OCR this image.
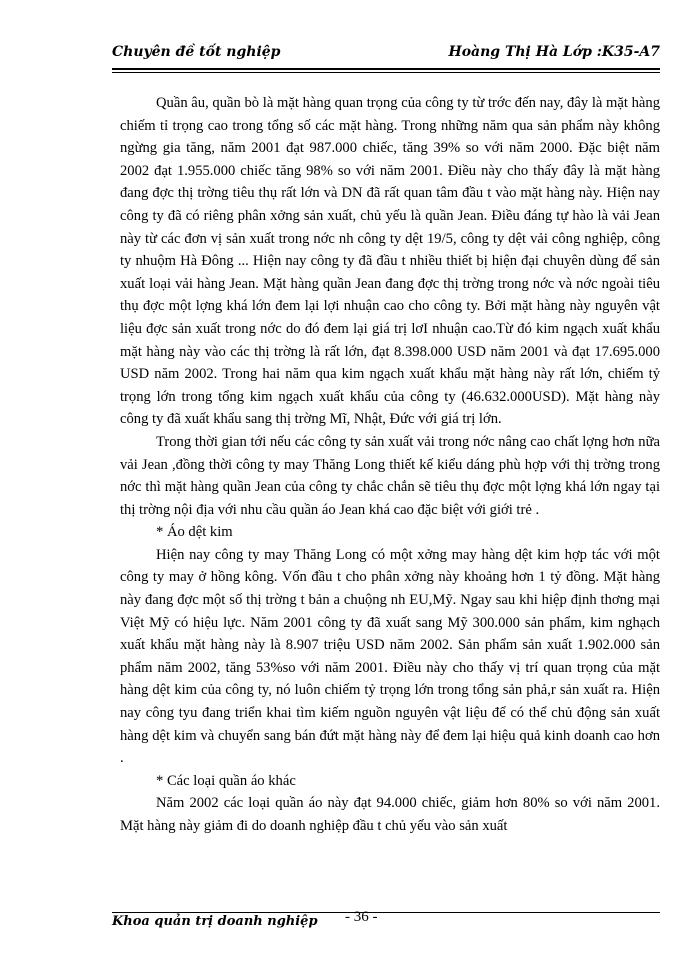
Chuyên đề tốt nghiệp	Hoàng Thị Hà Lớp :K35-A7

Quần âu, quần bò là mặt hàng quan trọng của công ty từ trớc đến nay, đây là mặt hàng chiếm tỉ trọng cao trong tổng số các mặt hàng. Trong những năm qua sản phẩm này không ngừng gia tăng, năm 2001 đạt 987.000 chiếc, tăng 39% so với năm 2000. Đặc biệt năm 2002 đạt 1.955.000 chiếc tăng 98% so với năm 2001. Điều này cho thấy đây là mặt hàng đang đợc thị trờng tiêu thụ rất lớn và DN đã rất quan tâm đầu t vào mặt hàng này. Hiện nay công ty đã có riêng phân xởng sản xuất, chủ yếu là quần Jean. Điều đáng tự hào là vải Jean này từ các đơn vị sản xuất trong nớc nh công ty dệt 19/5, công ty dệt vải công nghiệp, công ty nhuộm Hà Đông ... Hiện nay công ty đã đầu t nhiều thiết bị hiện đại chuyên dùng để sản xuất loại vải hàng Jean. Mặt hàng quần Jean đang đợc thị trờng trong nớc và nớc ngoài tiêu thụ đợc một lợng khá lớn đem lại lợi nhuận cao cho công ty. Bởi mặt hàng này nguyên vật liệu đợc sản xuất trong nớc do đó đem lại giá trị lơI nhuận cao.Từ đó kim ngạch xuất khẩu mặt hàng này vào các thị trờng là rất lớn, đạt 8.398.000 USD năm 2001 và đạt 17.695.000 USD năm 2002. Trong hai năm qua kim ngạch xuất khẩu mặt hàng này rất lớn, chiếm tỷ trọng lớn trong tổng kim ngạch xuất khẩu của công ty (46.632.000USD). Mặt hàng này công ty đã xuất khẩu sang thị trờng Mĩ, Nhật, Đức với giá trị lớn.

Trong thời gian tới nếu các công ty sản xuất vải trong nớc nâng cao chất lợng hơn nữa vải Jean ,đồng thời công ty may Thăng Long thiết kế kiểu dáng phù hợp với thị trờng trong nớc thì mặt hàng quần Jean của công ty chắc chắn sẽ tiêu thụ đợc một lợng khá lớn ngay tại thị trờng nội địa với nhu cầu quần áo Jean khá cao đặc biệt với giới trẻ .

* Áo dệt kim

Hiện nay công ty may Thăng Long có một xởng may hàng dệt kim hợp tác với một công ty may ở hồng kông. Vốn đầu t cho phân xởng này khoảng hơn 1 tỷ đồng. Mặt hàng này đang đợc một số thị trờng t bản a chuộng nh EU,Mỹ. Ngay sau khi hiệp định thơng mại Việt Mỹ có hiệu lực. Năm 2001 công ty đã xuất sang Mỹ 300.000 sản phẩm, kim nghạch xuất khẩu mặt hàng này là 8.907 triệu USD năm 2002. Sản phẩm sản xuất 1.902.000 sản phẩm năm 2002, tăng 53%so với năm 2001. Điều này cho thấy vị trí quan trọng của mặt hàng dệt kim của công ty, nó luôn chiếm tỷ trọng lớn trong tổng sản phả,r sản xuất ra. Hiện nay công tyu đang triển khai tìm kiếm nguồn nguyên vật liệu để có thể chủ động sản xuất hàng dệt kim và chuyển sang bán đứt mặt hàng này để đem lại hiệu quả kinh doanh cao hơn .

* Các loại quần áo khác

Năm 2002 các loại quần áo này đạt 94.000 chiếc, giảm hơn 80% so với năm 2001. Mặt hàng này giảm đi do doanh nghiệp đầu t chủ yếu vào sản xuất

Khoa quản trị doanh nghiệp - 36 -
